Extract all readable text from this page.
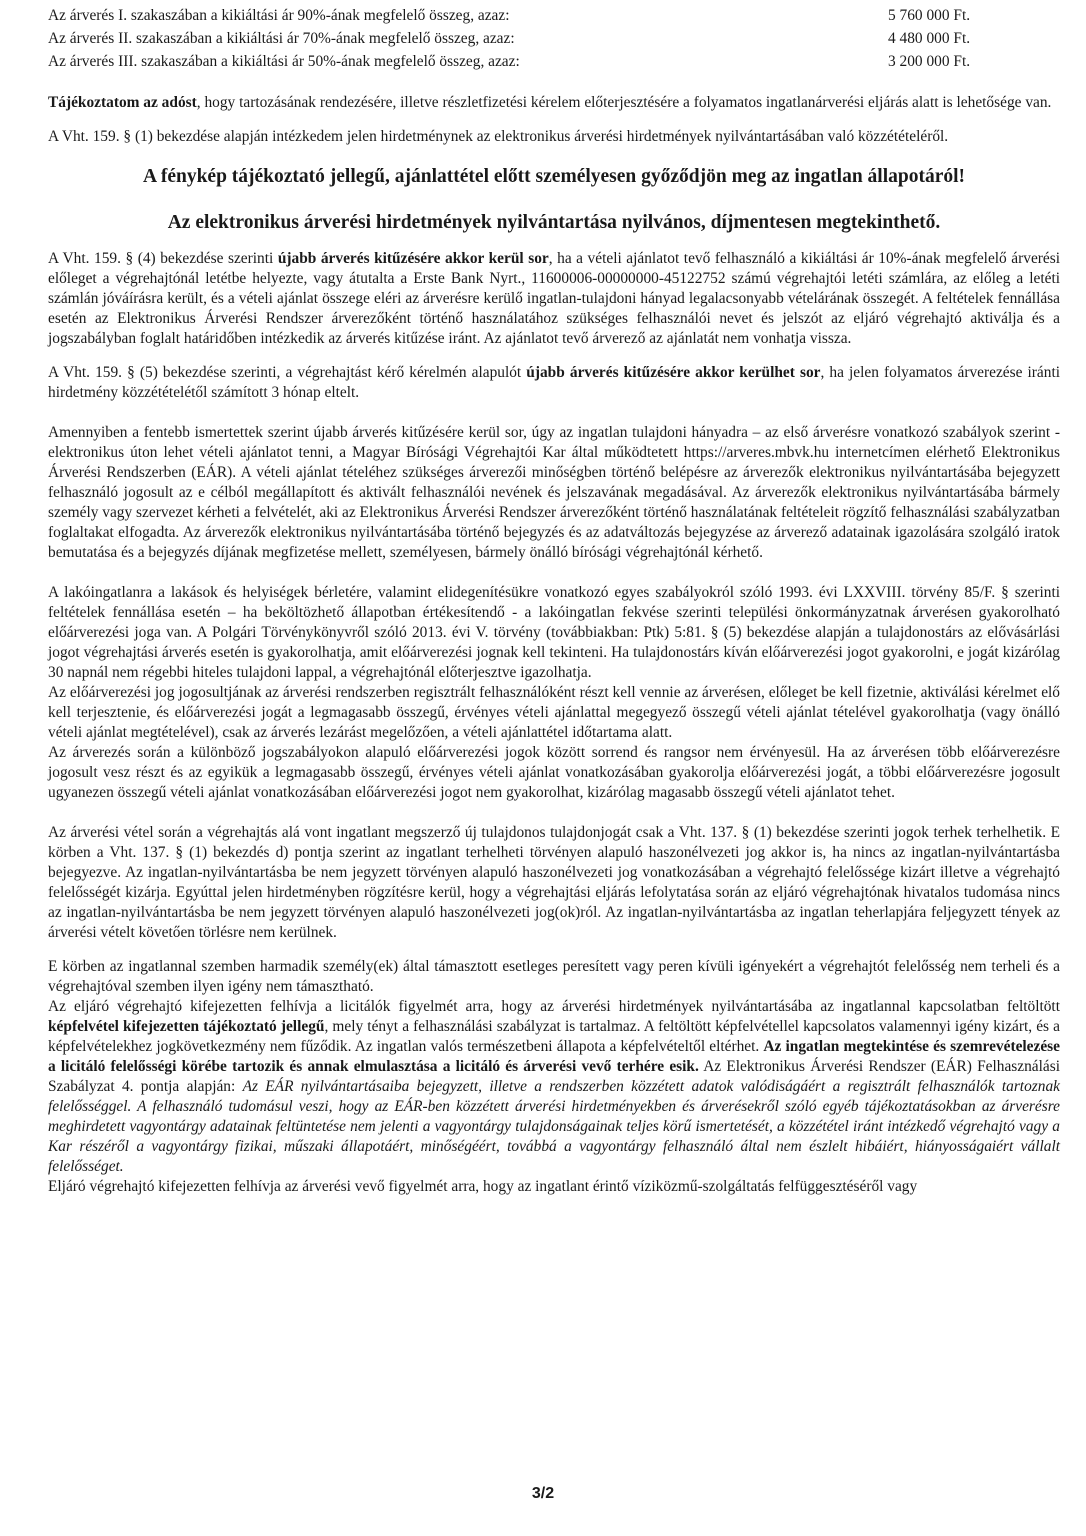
Az árverés I. szakaszában a kikiáltási ár 90%-ának megfelelő összeg, azaz:	5 760 000 Ft.
Az árverés II. szakaszában a kikiáltási ár 70%-ának megfelelő összeg, azaz:	4 480 000 Ft.
Az árverés III. szakaszában a kikiáltási ár 50%-ának megfelelő összeg, azaz:	3 200 000 Ft.

Tájékoztatom az adóst, hogy tartozásának rendezésére, illetve részletfizetési kérelem előterjesztésére a folyamatos ingatlanárverési eljárás alatt is lehetősége van.

A Vht. 159. § (1) bekezdése alapján intézkedem jelen hirdetménynek az elektronikus árverési hirdetmények nyilvántartásában való közzétételéről.

A fénykép tájékoztató jellegű, ajánlattétel előtt személyesen győződjön meg az ingatlan állapotáról!
Az elektronikus árverési hirdetmények nyilvántartása nyilvános, díjmentesen megtekinthető.

A Vht. 159. § (4) bekezdése szerinti újabb árverés kitűzésére akkor kerül sor, ha a vételi ajánlatot tevő felhasználó a kikiáltási ár 10%-ának megfelelő árverési előleget a végrehajtónál letétbe helyezte, vagy átutalta a Erste Bank Nyrt., 11600006-00000000-45122752 számú végrehajtói letéti számlára, az előleg a letéti számlán jóváírásra került, és a vételi ajánlat összege eléri az árverésre kerülő ingatlan-tulajdoni hányad legalacsonyabb vételárának összegét. A feltételek fennállása esetén az Elektronikus Árverési Rendszer árverezőként történő használatához szükséges felhasználói nevet és jelszót az eljáró végrehajtó aktiválja és a jogszabályban foglalt határidőben intézkedik az árverés kitűzése iránt. Az ajánlatot tevő árverező az ajánlatát nem vonhatja vissza.

A Vht. 159. § (5) bekezdése szerinti, a végrehajtást kérő kérelmén alapulót újabb árverés kitűzésére akkor kerülhet sor, ha jelen folyamatos árverezése iránti hirdetmény közzétételétől számított 3 hónap eltelt.

Amennyiben a fentebb ismertettek szerint újabb árverés kitűzésére kerül sor, úgy az ingatlan tulajdoni hányadra – az első árverésre vonatkozó szabályok szerint - elektronikus úton lehet vételi ajánlatot tenni, a Magyar Bírósági Végrehajtói Kar által működtetett https://arveres.mbvk.hu internetcímen elérhető Elektronikus Árverési Rendszerben (EÁR). A vételi ajánlat tételéhez szükséges árverezői minőségben történő belépésre az árverezők elektronikus nyilvántartásába bejegyzett felhasználó jogosult az e célból megállapított és aktivált felhasználói nevének és jelszavának megadásával. Az árverezők elektronikus nyilvántartásába bármely személy vagy szervezet kérheti a felvételét, aki az Elektronikus Árverési Rendszer árverezőként történő használatának feltételeit rögzítő felhasználási szabályzatban foglaltakat elfogadta. Az árverezők elektronikus nyilvántartásába történő bejegyzés és az adatváltozás bejegyzése az árverező adatainak igazolására szolgáló iratok bemutatása és a bejegyzés díjának megfizetése mellett, személyesen, bármely önálló bírósági végrehajtónál kérhető.

A lakóingatlanra a lakások és helyiségek bérletére, valamint elidegenítésükre vonatkozó egyes szabályokról szóló 1993. évi LXXVIII. törvény 85/F. § szerinti feltételek fennállása esetén – ha beköltözhető állapotban értékesítendő - a lakóingatlan fekvése szerinti települési önkormányzatnak árverésen gyakorolható előárverezési joga van. A Polgári Törvénykönyvről szóló 2013. évi V. törvény (továbbiakban: Ptk) 5:81. § (5) bekezdése alapján a tulajdonostárs az elővásárlási jogot végrehajtási árverés esetén is gyakorolhatja, amit előárverezési jognak kell tekinteni. Ha tulajdonostárs kíván előárverezési jogot gyakorolni, e jogát kizárólag 30 napnál nem régebbi hiteles tulajdoni lappal, a végrehajtónál előterjesztve igazolhatja.

Az előárverezési jog jogosultjának az árverési rendszerben regisztrált felhasználóként részt kell vennie az árverésen, előleget be kell fizetnie, aktiválási kérelmet elő kell terjesztenie, és előárverezési jogát a legmagasabb összegű, érvényes vételi ajánlattal megegyező összegű vételi ajánlat tételével gyakorolhatja (vagy önálló vételi ajánlat megtételével), csak az árverés lezárást megelőzően, a vételi ajánlattétel időtartama alatt.

Az árverezés során a különböző jogszabályokon alapuló előárverezési jogok között sorrend és rangsor nem érvényesül. Ha az árverésen több előárverezésre jogosult vesz részt és az egyikük a legmagasabb összegű, érvényes vételi ajánlat vonatkozásában gyakorolja előárverezési jogát, a többi előárverezésre jogosult ugyanezen összegű vételi ajánlat vonatkozásában előárverezési jogot nem gyakorolhat, kizárólag magasabb összegű vételi ajánlatot tehet.

Az árverési vétel során a végrehajtás alá vont ingatlant megszerző új tulajdonos tulajdonjogát csak a Vht. 137. § (1) bekezdése szerinti jogok terhek terhelhetik. E körben a Vht. 137. § (1) bekezdés d) pontja szerint az ingatlant terhelheti törvényen alapuló haszonélvezeti jog akkor is, ha nincs az ingatlan-nyilvántartásba bejegyezve. Az ingatlan-nyilvántartásba be nem jegyzett törvényen alapuló haszonélvezeti jog vonatkozásában a végrehajtó felelőssége kizárt illetve a végrehajtó felelősségét kizárja. Egyúttal jelen hirdetményben rögzítésre kerül, hogy a végrehajtási eljárás lefolytatása során az eljáró végrehajtónak hivatalos tudomása nincs az ingatlan-nyilvántartásba be nem jegyzett törvényen alapuló haszonélvezeti jog(ok)ról. Az ingatlan-nyilvántartásba az ingatlan teherlapjára feljegyzett tények az árverési vételt követően törlésre nem kerülnek.

E körben az ingatlannal szemben harmadik személy(ek) által támasztott esetleges peresített vagy peren kívüli igényekért a végrehajtót felelősség nem terheli és a végrehajtóval szemben ilyen igény nem támasztható.

Az eljáró végrehajtó kifejezetten felhívja a licitálók figyelmét arra, hogy az árverési hirdetmények nyilvántartásába az ingatlannal kapcsolatban feltöltött képfelvétel kifejezetten tájékoztató jellegű, mely tényt a felhasználási szabályzat is tartalmaz. A feltöltött képfelvétellel kapcsolatos valamennyi igény kizárt, és a képfelvételekhez jogkövetkezmény nem fűződik. Az ingatlan valós természetbeni állapota a képfelvételtől eltérhet. Az ingatlan megtekintése és szemrevételezése a licitáló felelősségi körébe tartozik és annak elmulasztása a licitáló és árverési vevő terhére esik. Az Elektronikus Árverési Rendszer (EÁR) Felhasználási Szabályzat 4. pontja alapján: Az EÁR nyilvántartásaiba bejegyzett, illetve a rendszerben közzétett adatok valódiságáért a regisztrált felhasználók tartoznak felelősséggel. A felhasználó tudomásul veszi, hogy az EÁR-ben közzétett árverési hirdetményekben és árverésekről szóló egyéb tájékoztatásokban az árverésre meghirdetett vagyontárgy adatainak feltüntetése nem jelenti a vagyontárgy tulajdonságainak teljes körű ismertetését, a közzététel iránt intézkedő végrehajtó vagy a Kar részéről a vagyontárgy fizikai, műszaki állapotáért, minőségéért, továbbá a vagyontárgy felhasználó által nem észlelt hibáiért, hiányosságaiért vállalt felelősséget.

Eljáró végrehajtó kifejezetten felhívja az árverési vevő figyelmét arra, hogy az ingatlant érintő víziközmű-szolgáltatás felfüggesztéséről vagy

3/2
